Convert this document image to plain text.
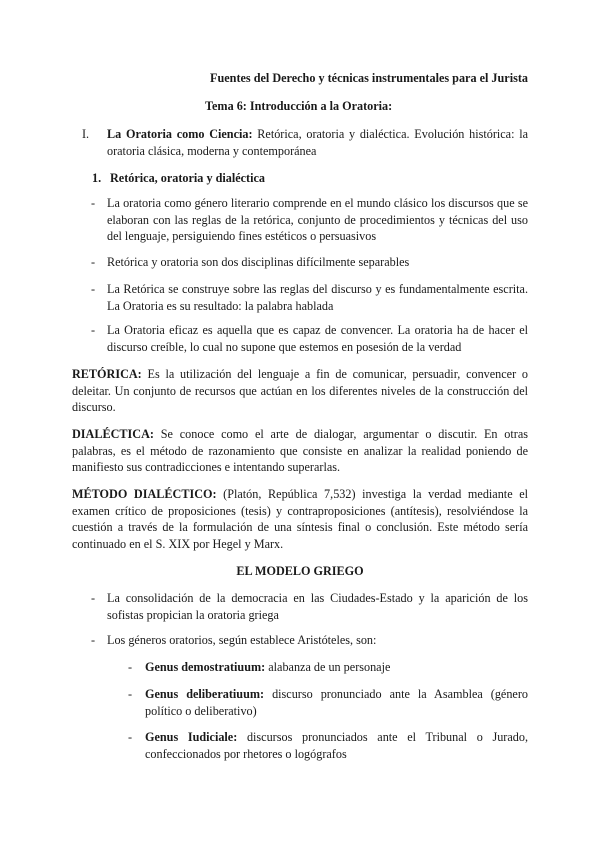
Fuentes del Derecho y técnicas instrumentales para el Jurista
Tema 6: Introducción a la Oratoria:
I. La Oratoria como Ciencia: Retórica, oratoria y dialéctica. Evolución histórica: la oratoria clásica, moderna y contemporánea
1. Retórica, oratoria y dialéctica
- La oratoria como género literario comprende en el mundo clásico los discursos que se elaboran con las reglas de la retórica, conjunto de procedimientos y técnicas del uso del lenguaje, persiguiendo fines estéticos o persuasivos
- Retórica y oratoria son dos disciplinas difícilmente separables
- La Retórica se construye sobre las reglas del discurso y es fundamentalmente escrita. La Oratoria es su resultado: la palabra hablada
- La Oratoria eficaz es aquella que es capaz de convencer. La oratoria ha de hacer el discurso creíble, lo cual no supone que estemos en posesión de la verdad
RETÓRICA: Es la utilización del lenguaje a fin de comunicar, persuadir, convencer o deleitar. Un conjunto de recursos que actúan en los diferentes niveles de la construcción del discurso.
DIALÉCTICA: Se conoce como el arte de dialogar, argumentar o discutir. En otras palabras, es el método de razonamiento que consiste en analizar la realidad poniendo de manifiesto sus contradicciones e intentando superarlas.
MÉTODO DIALÉCTICO: (Platón, República 7,532) investiga la verdad mediante el examen crítico de proposiciones (tesis) y contraproposiciones (antítesis), resolviéndose la cuestión a través de la formulación de una síntesis final o conclusión. Este método sería continuado en el S. XIX por Hegel y Marx.
EL MODELO GRIEGO
- La consolidación de la democracia en las Ciudades-Estado y la aparición de los sofistas propician la oratoria griega
- Los géneros oratorios, según establece Aristóteles, son:
- Genus demostratiuum: alabanza de un personaje
- Genus deliberatiuum: discurso pronunciado ante la Asamblea (género político o deliberativo)
- Genus Iudiciale: discursos pronunciados ante el Tribunal o Jurado, confeccionados por rhetores o logógrafos
